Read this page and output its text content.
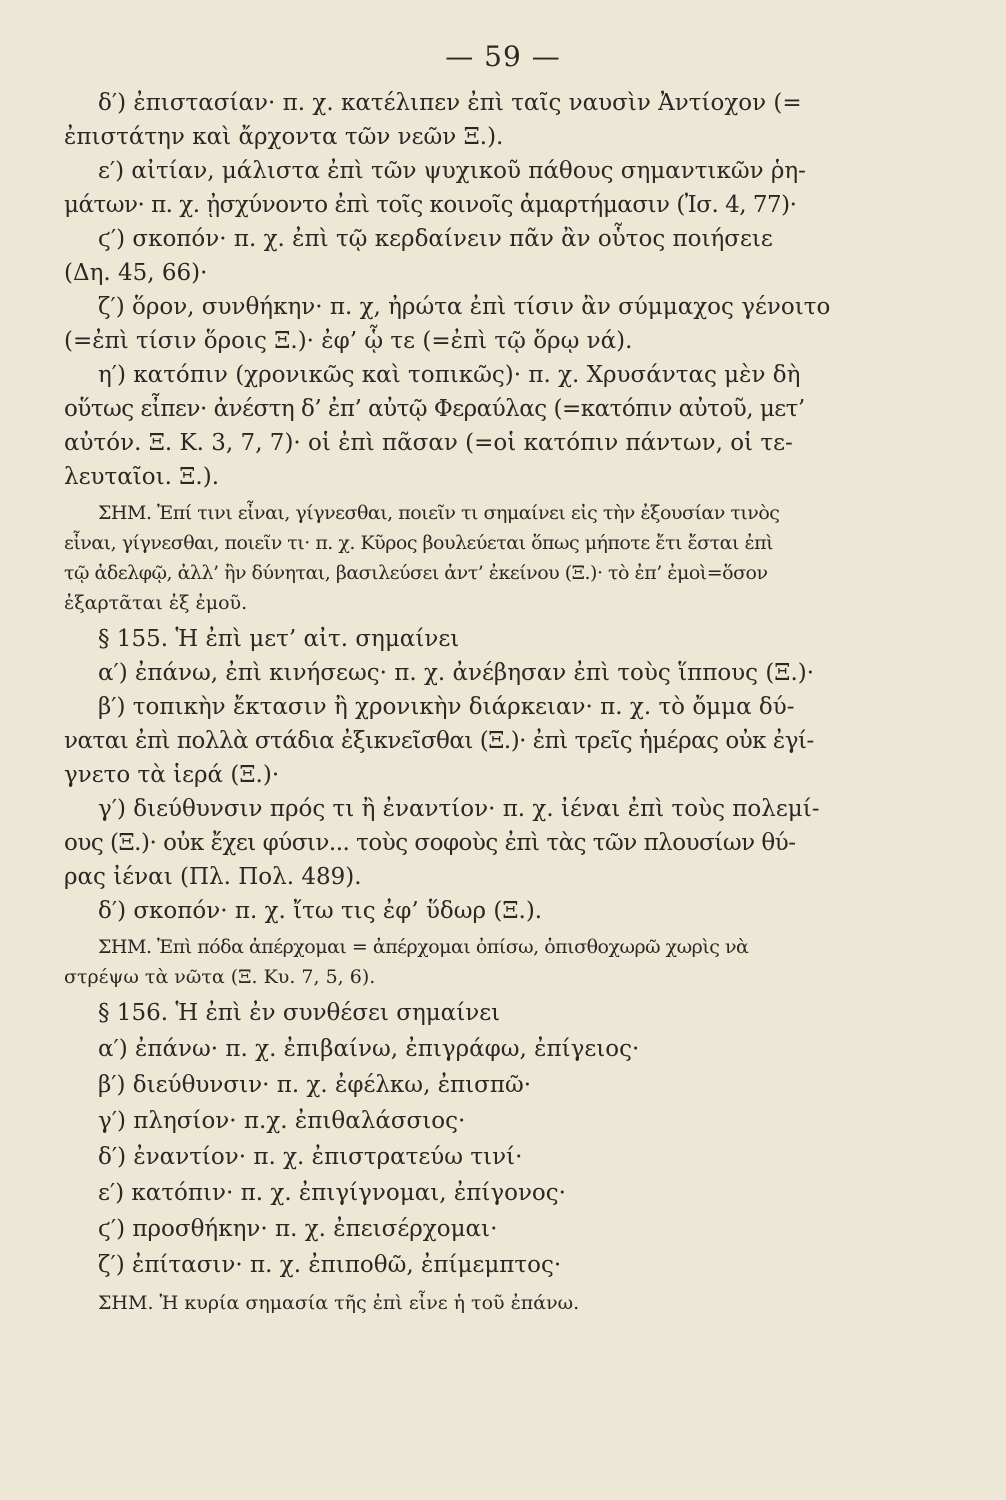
— 59 —
δ′) ἐπιστασίαν· π. χ. κατέλιπεν ἐπὶ ταῖς ναυσὶν Ἀντίοχον (=
ἐπιστάτην καὶ ἄρχοντα τῶν νεῶν Ξ.).
ε′) αἰτίαν, μάλιστα ἐπὶ τῶν ψυχικοῦ πάθους σημαντικῶν ῥη-
μάτων· π. χ. ᾐσχύνοντο ἐπὶ τοῖς κοινοῖς ἁμαρτήμασιν (Ἰσ. 4, 77)·
ϛ′) σκοπόν· π. χ. ἐπὶ τῷ κερδαίνειν πᾶν ἂν οὗτος ποιήσειε
(Δη. 45, 66)·
ζ′) ὅρον, συνθήκην· π. χ, ἠρώτα ἐπὶ τίσιν ἂν σύμμαχος γένοιτο
(=ἐπὶ τίσιν ὅροις Ξ.)· ἐφ’ ᾧ τε (=ἐπὶ τῷ ὅρῳ νά).
η′) κατόπιν (χρονικῶς καὶ τοπικῶς)· π. χ. Χρυσάντας μὲν δὴ
οὕτως εἶπεν· ἀνέστη δ’ ἐπ’ αὐτῷ Φεραύλας (=κατόπιν αὐτοῦ, μετ’
αὐτόν. Ξ. Κ. 3, 7, 7)· οἱ ἐπὶ πᾶσαν (=οἱ κατόπιν πάντων, οἱ τε-
λευταῖοι. Ξ.).
ΣΗΜ. Ἐπί τινι εἶναι, γίγνεσθαι, ποιεῖν τι σημαίνει εἰς τὴν ἐξουσίαν τινὸς
εἶναι, γίγνεσθαι, ποιεῖν τι· π. χ. Κῦρος βουλεύεται ὅπως μήποτε ἔτι ἔσται ἐπὶ
τῷ ἀδελφῷ, ἀλλ’ ἢν δύνηται, βασιλεύσει ἀντ’ ἐκείνου (Ξ.)· τὸ ἐπ’ ἐμοὶ=ὅσον
ἐξαρτᾶται ἐξ ἐμοῦ.
§ 155. Ἡ ἐπὶ μετ’ αἰτ. σημαίνει
α′) ἐπάνω, ἐπὶ κινήσεως· π. χ. ἀνέβησαν ἐπὶ τοὺς ἵππους (Ξ.)·
β′) τοπικὴν ἔκτασιν ἢ χρονικὴν διάρκειαν· π. χ. τὸ ὄμμα δύ-
ναται ἐπὶ πολλὰ στάδια ἐξικνεῖσθαι (Ξ.)· ἐπὶ τρεῖς ἡμέρας οὐκ ἐγί-
γνετο τὰ ἱερά (Ξ.)·
γ′) διεύθυνσιν πρός τι ἢ ἐναντίον· π. χ. ἰέναι ἐπὶ τοὺς πολεμί-
ους (Ξ.)· οὐκ ἔχει φύσιν... τοὺς σοφοὺς ἐπὶ τὰς τῶν πλουσίων θύ-
ρας ἰέναι (Πλ. Πολ. 489).
δ′) σκοπόν· π. χ. ἴτω τις ἐφ’ ὕδωρ (Ξ.).
ΣΗΜ. Ἐπὶ πόδα ἀπέρχομαι = ἀπέρχομαι ὀπίσω, ὀπισθοχωρῶ χωρὶς νὰ
στρέψω τὰ νῶτα (Ξ. Κυ. 7, 5, 6).
§ 156. Ἡ ἐπὶ ἐν συνθέσει σημαίνει
α′) ἐπάνω· π. χ. ἐπιβαίνω, ἐπιγράφω, ἐπίγειος·
β′) διεύθυνσιν· π. χ. ἐφέλκω, ἐπισπῶ·
γ′) πλησίον· π.χ. ἐπιθαλάσσιος·
δ′) ἐναντίον· π. χ. ἐπιστρατεύω τινί·
ε′) κατόπιν· π. χ. ἐπιγίγνομαι, ἐπίγονος·
ϛ′) προσθήκην· π. χ. ἐπεισέρχομαι·
ζ′) ἐπίτασιν· π. χ. ἐπιποθῶ, ἐπίμεμπτος·
ΣΗΜ. Ἡ κυρία σημασία τῆς ἐπὶ εἶνε ἡ τοῦ ἐπάνω.
